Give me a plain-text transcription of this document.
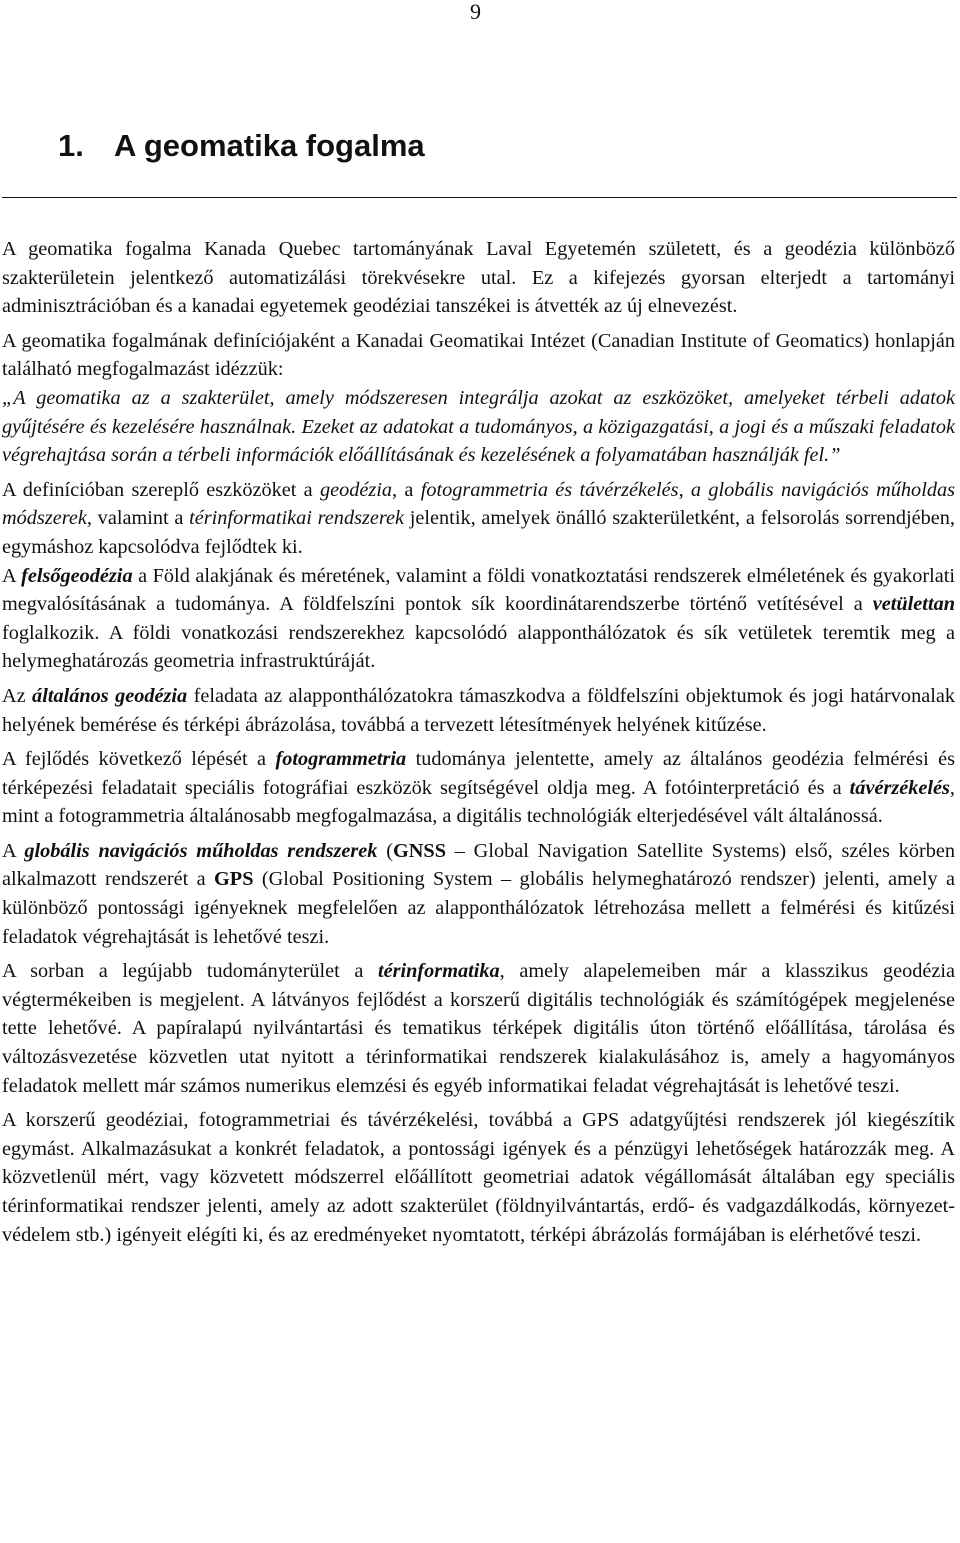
9
1. A geomatika fogalma

A geomatika fogalma Kanada Quebec tartományának Laval Egyetemén született, és a geodézia különböző szakterületein jelentkező automatizálási törekvésekre utal. Ez a kifejezés gyorsan elterjedt a tartományi adminisztrációban és a kanadai egyetemek geodéziai tanszékei is átvették az új elnevezést.

A geomatika fogalmának definíciójaként a Kanadai Geomatikai Intézet (Canadian Institute of Geomatics) honlapján található megfogalmazást idézzük:

„A geomatika az a szakterület, amely módszeresen integrálja azokat az eszközöket, amelyeket térbeli adatok gyűjtésére és kezelésére használnak. Ezeket az adatokat a tudományos, a közigazgatási, a jogi és a műszaki feladatok végrehajtása során a térbeli információk előállításának és kezelésének a folyamatában használják fel.”

A definícióban szereplő eszközöket a geodézia, a fotogrammetria és távérzékelés, a globális navigációs műholdas módszerek, valamint a térinformatikai rendszerek jelentik, amelyek önálló szakterületként, a felsorolás sorrendjében, egymáshoz kapcsolódva fejlődtek ki.

A felsőgeodézia a Föld alakjának és méretének, valamint a földi vonatkoztatási rendszerek elméletének és gyakorlati megvalósításának a tudománya. A földfelszíni pontok sík koordinátarendszerbe történő vetítésével a vetülettan foglalkozik. A földi vonatkozási rendszerekhez kapcsolódó alapponthálózatok és sík vetületek teremtik meg a helymeghatározás geometria infrastruktúráját.

Az általános geodézia feladata az alapponthálózatokra támaszkodva a földfelszíni objektumok és jogi határvonalak helyének bemérése és térképi ábrázolása, továbbá a tervezett létesítmények helyének kitűzése.

A fejlődés következő lépését a fotogrammetria tudománya jelentette, amely az általános geodézia felmérési és térképezési feladatait speciális fotográfiai eszközök segítségével oldja meg. A fotóinterpretáció és a távérzékelés, mint a fotogrammetria általánosabb megfogalmazása, a digitális technológiák elterjedésével vált általánossá.

A globális navigációs műholdas rendszerek (GNSS – Global Navigation Satellite Systems) első, széles körben alkalmazott rendszerét a GPS (Global Positioning System – globális helymeghatározó rendszer) jelenti, amely a különböző pontossági igényeknek megfelelően az alapponthálózatok létrehozása mellett a felmérési és kitűzési feladatok végrehajtását is lehetővé teszi.

A sorban a legújabb tudományterület a térinformatika, amely alapelemeiben már a klasszikus geodézia végtermékeiben is megjelent. A látványos fejlődést a korszerű digitális technológiák és számítógépek megjelenése tette lehetővé. A papíralapú nyilvántartási és tematikus térképek digitális úton történő előállítása, tárolása és változásvezetése közvetlen utat nyitott a térinformatikai rendszerek kialakulásához is, amely a hagyományos feladatok mellett már számos numerikus elemzési és egyéb informatikai feladat végrehajtását is lehetővé teszi.

A korszerű geodéziai, fotogrammetriai és távérzékelési, továbbá a GPS adatgyűjtési rendszerek jól kiegészítik egymást. Alkalmazásukat a konkrét feladatok, a pontossági igények és a pénzügyi lehetőségek határozzák meg. A közvetlenül mért, vagy közvetett módszerrel előállított geometriai adatok végállomását általában egy speciális térinformatikai rendszer jelenti, amely az adott szakterület (földnyilvántartás, erdő- és vadgazdálkodás, környezet-védelem stb.) igényeit elégíti ki, és az eredményeket nyomtatott, térképi ábrázolás formájában is elérhetővé teszi.
